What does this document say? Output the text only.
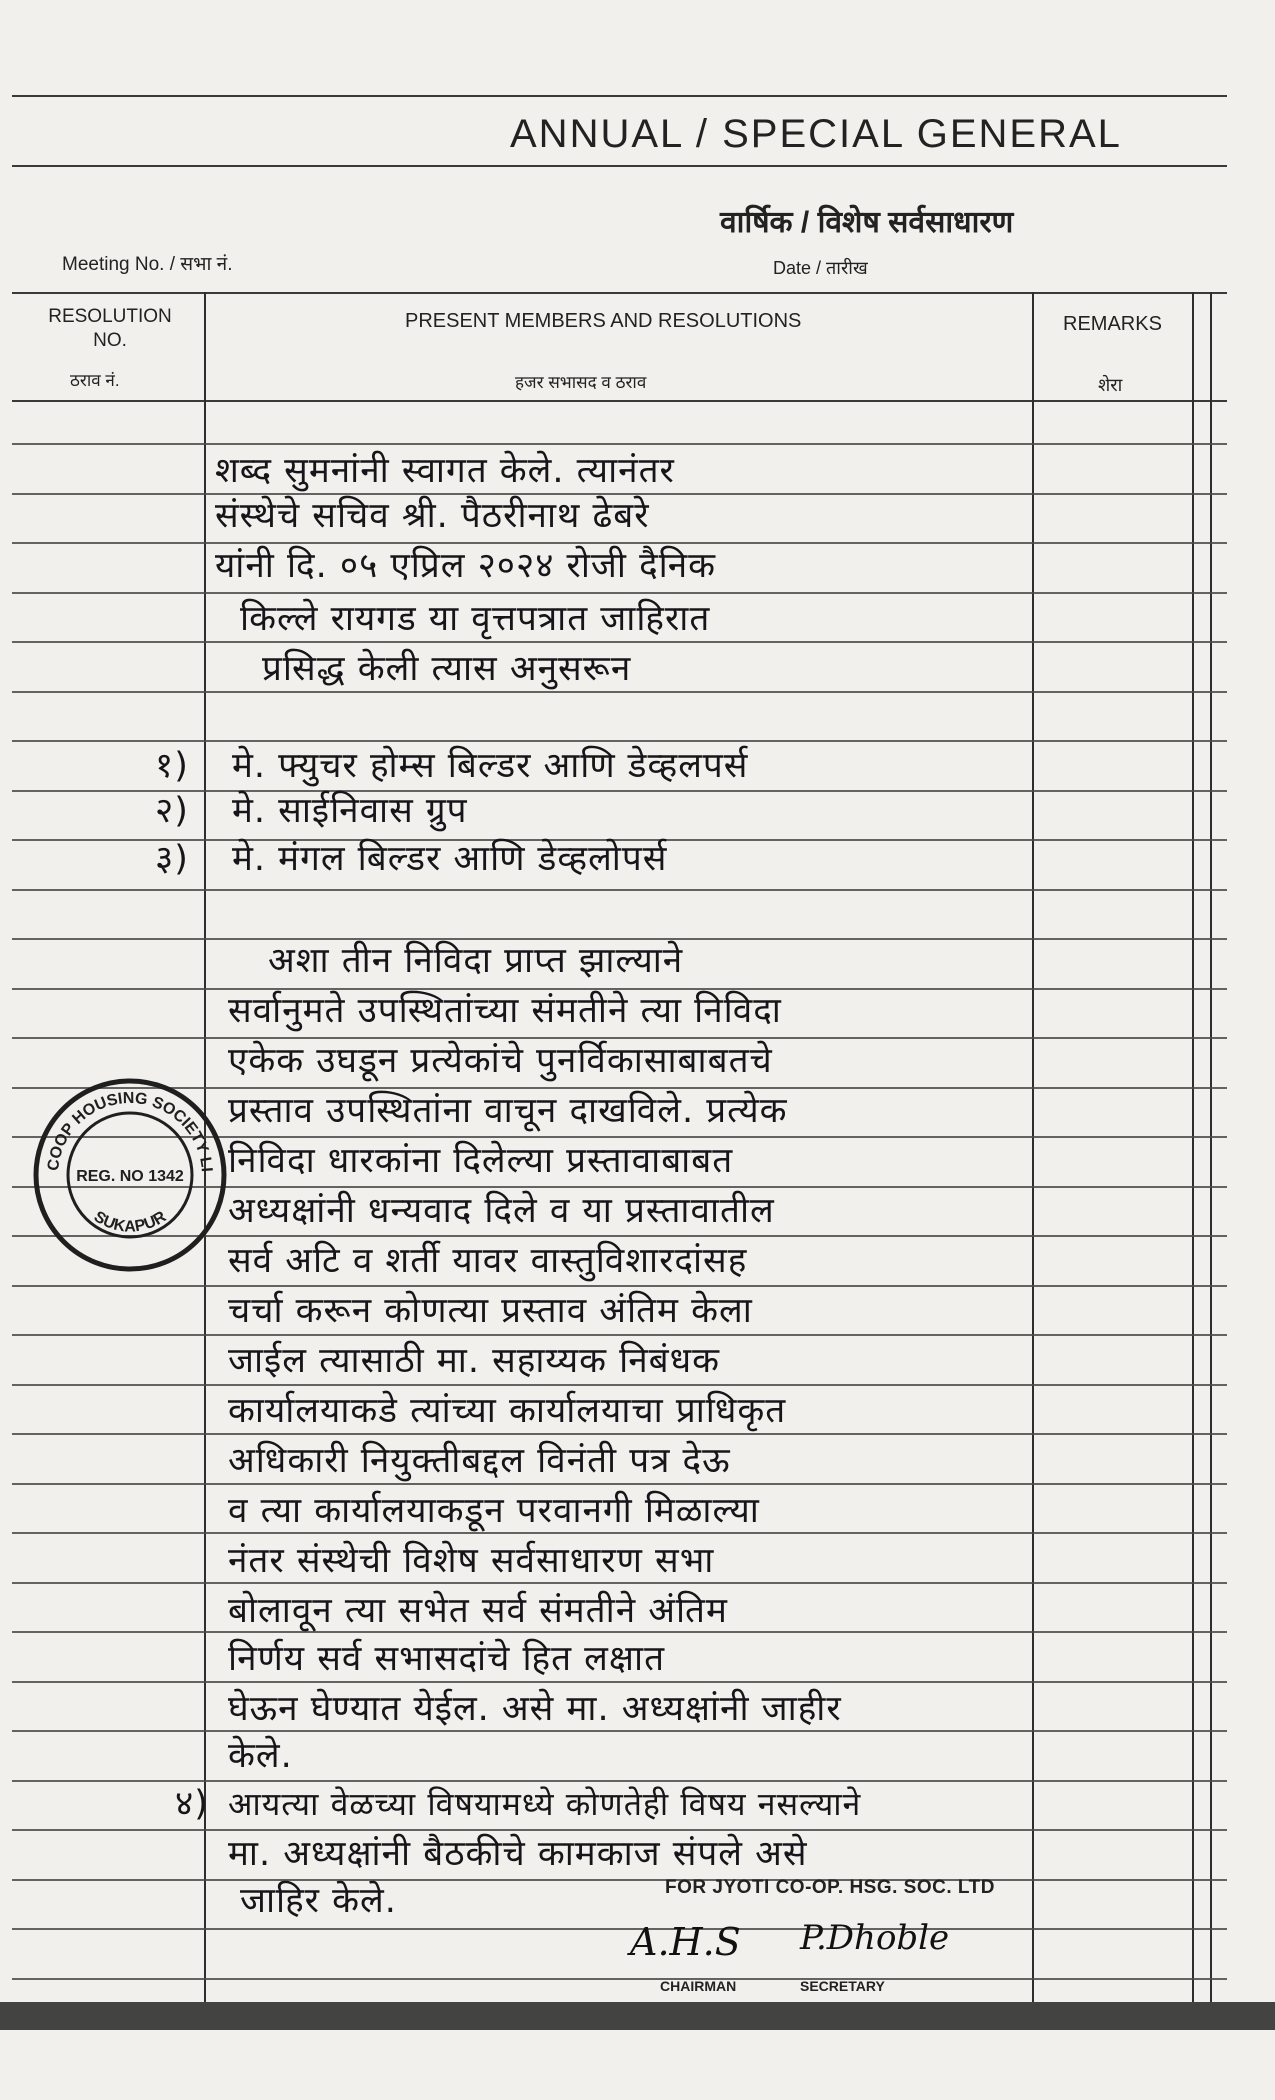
ANNUAL / SPECIAL GENERAL
वार्षिक / विशेष सर्वसाधारण
Meeting No. / सभा नं.	Date / तारीख
RESOLUTION
NO.
ठराव नं.
PRESENT MEMBERS AND RESOLUTIONS
हजर सभासद व ठराव
REMARKS
शेरा
शब्द सुमनांनी स्वागत केले. त्यानंतर
संस्थेचे सचिव श्री. पैठरीनाथ ढेबरे
यांनी दि. ०५ एप्रिल २०२४ रोजी दैनिक
किल्ले रायगड या वृत्तपत्रात जाहिरात
प्रसिद्ध केली त्यास अनुसरून
१) मे. फ्युचर होम्स बिल्डर आणि डेव्हलपर्स
२) मे. साईनिवास ग्रुप
३) मे. मंगल बिल्डर आणि डेव्हलोपर्स
अशा तीन निविदा प्राप्त झाल्याने
सर्वानुमते उपस्थितांच्या संमतीने त्या निविदा
एकेक उघडून प्रत्येकांचे पुनर्विकासाबाबतचे
प्रस्ताव उपस्थितांना वाचून दाखविले. प्रत्येक
निविदा धारकांना दिलेल्या प्रस्तावाबाबत
अध्यक्षांनी धन्यवाद दिले व या प्रस्तावातील
सर्व अटि व शर्ती यावर वास्तुविशारदांसह
चर्चा करून कोणत्या प्रस्ताव अंतिम केला
जाईल त्यासाठी मा. सहाय्यक निबंधक
कार्यालयाकडे त्यांच्या कार्यालयाचा प्राधिकृत
अधिकारी नियुक्तीबद्दल विनंती पत्र देऊ
व त्या कार्यालयाकडून परवानगी मिळाल्या
नंतर संस्थेची विशेष सर्वसाधारण सभा
बोलावून त्या सभेत सर्व संमतीने अंतिम
निर्णय सर्व सभासदांचे हित लक्षात
घेऊन घेण्यात येईल. असे मा. अध्यक्षांनी जाहीर
केले.
४) आयत्या वेळच्या विषयामध्ये कोणतेही विषय नसल्याने
मा. अध्यक्षांनी बैठकीचे कामकाज संपले असे
जाहिर केले.
COOP HOUSING SOCIETY LI
REG. NO 1342
SUKAPUR
FOR JYOTI CO-OP. HSG. SOC. LTD
A.H.S P.Dhoble
CHAIRMAN	SECRETARY
